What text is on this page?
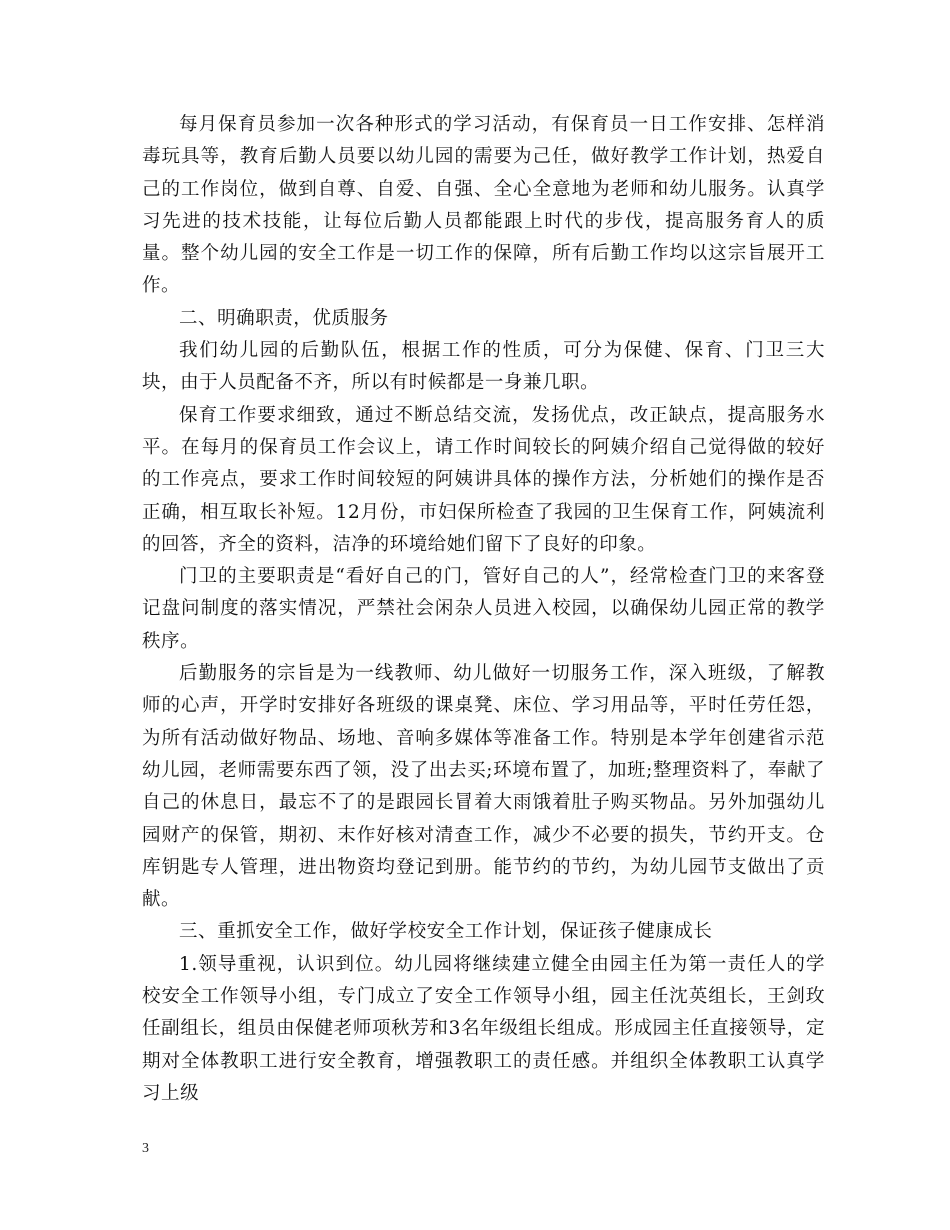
每月保育员参加一次各种形式的学习活动，有保育员一日工作安排、怎样消毒玩具等，教育后勤人员要以幼儿园的需要为己任，做好教学工作计划，热爱自己的工作岗位，做到自尊、自爱、自强、全心全意地为老师和幼儿服务。认真学习先进的技术技能，让每位后勤人员都能跟上时代的步伐，提高服务育人的质量。整个幼儿园的安全工作是一切工作的保障，所有后勤工作均以这宗旨展开工作。

二、明确职责，优质服务

我们幼儿园的后勤队伍，根据工作的性质，可分为保健、保育、门卫三大块，由于人员配备不齐，所以有时候都是一身兼几职。

保育工作要求细致，通过不断总结交流，发扬优点，改正缺点，提高服务水平。在每月的保育员工作会议上，请工作时间较长的阿姨介绍自己觉得做的较好的工作亮点，要求工作时间较短的阿姨讲具体的操作方法，分析她们的操作是否正确，相互取长补短。12月份，市妇保所检查了我园的卫生保育工作，阿姨流利的回答，齐全的资料，洁净的环境给她们留下了良好的印象。

门卫的主要职责是“看好自己的门，管好自己的人”，经常检查门卫的来客登记盘问制度的落实情况，严禁社会闲杂人员进入校园，以确保幼儿园正常的教学秩序。

后勤服务的宗旨是为一线教师、幼儿做好一切服务工作，深入班级，了解教师的心声，开学时安排好各班级的课桌凳、床位、学习用品等，平时任劳任怨，为所有活动做好物品、场地、音响多媒体等准备工作。特别是本学年创建省示范幼儿园，老师需要东西了领，没了出去买;环境布置了，加班;整理资料了，奉献了自己的休息日，最忘不了的是跟园长冒着大雨饿着肚子购买物品。另外加强幼儿园财产的保管，期初、末作好核对清查工作，减少不必要的损失，节约开支。仓库钥匙专人管理，进出物资均登记到册。能节约的节约，为幼儿园节支做出了贡献。

三、重抓安全工作，做好学校安全工作计划，保证孩子健康成长

1.领导重视，认识到位。幼儿园将继续建立健全由园主任为第一责任人的学校安全工作领导小组，专门成立了安全工作领导小组，园主任沈英组长，王剑玫任副组长，组员由保健老师项秋芳和3名年级组长组成。形成园主任直接领导，定期对全体教职工进行安全教育，增强教职工的责任感。并组织全体教职工认真学习上级

3
